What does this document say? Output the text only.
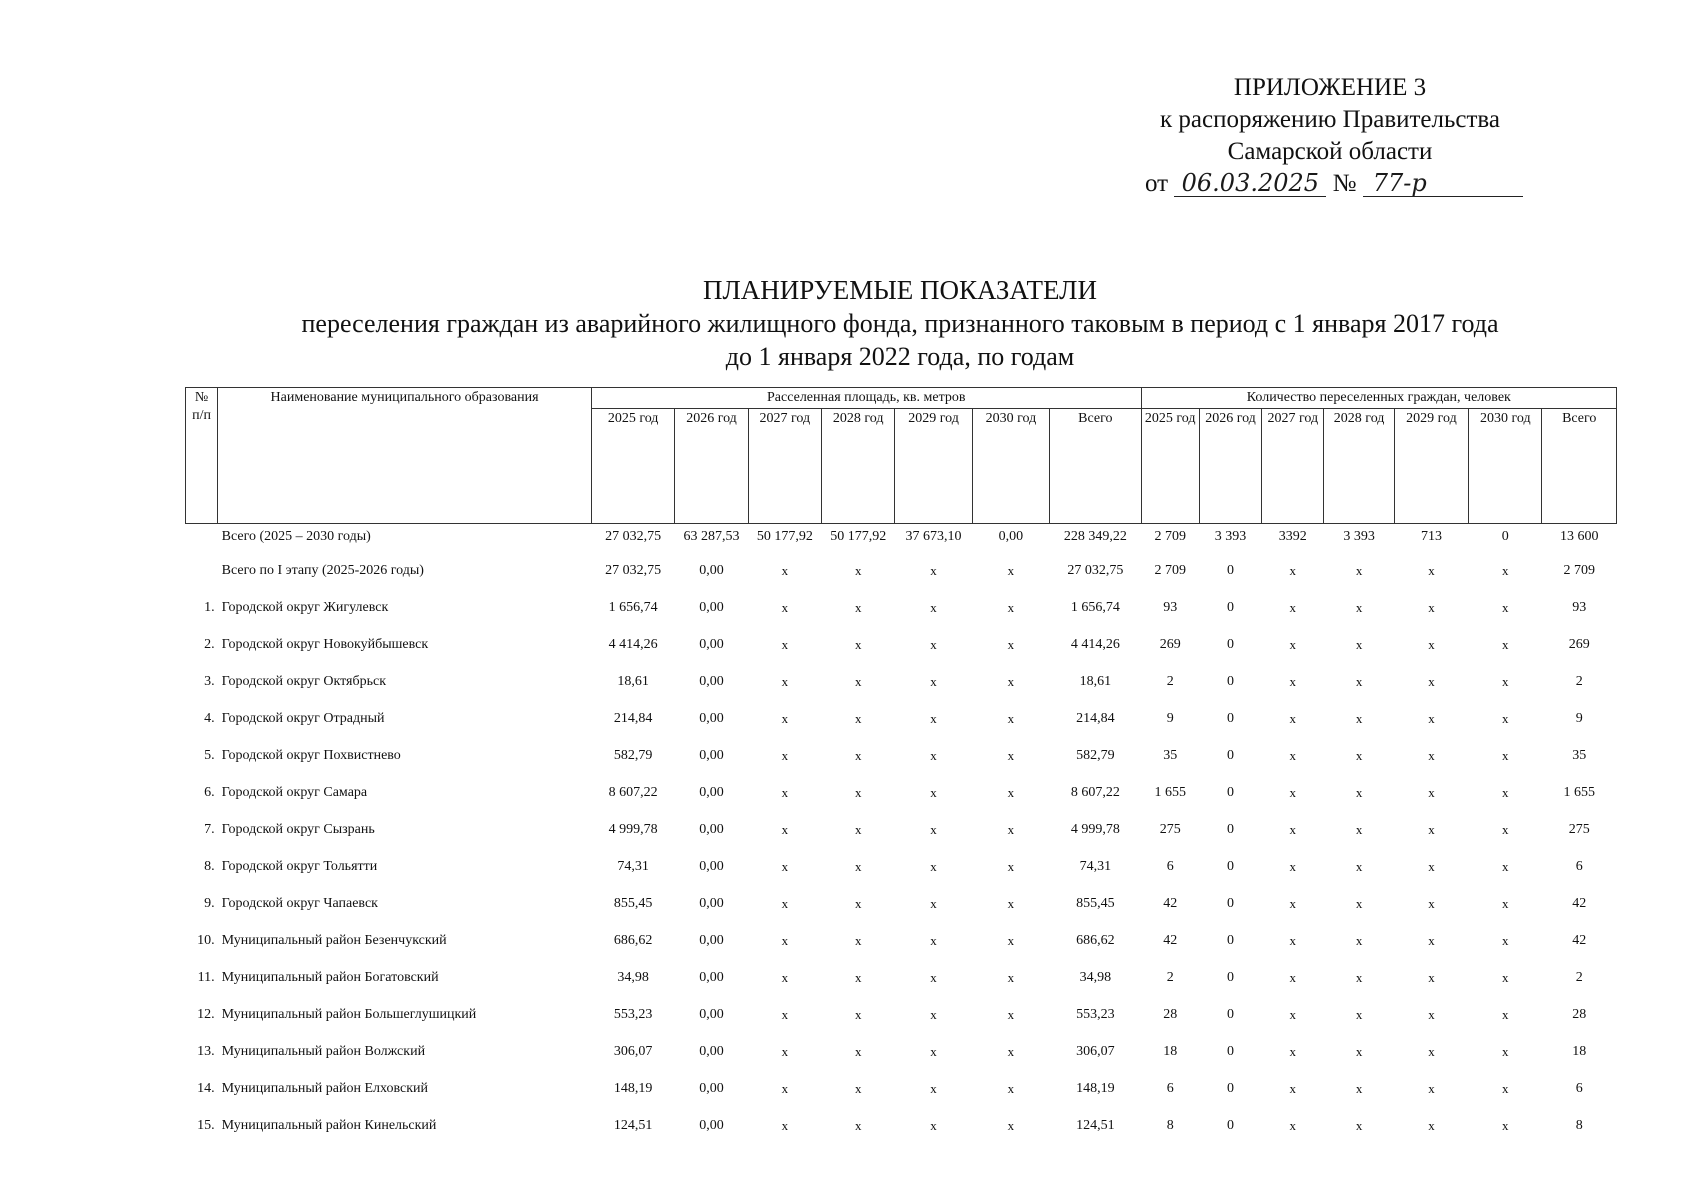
ПРИЛОЖЕНИЕ 3
к распоряжению Правительства
Самарской области
от 06.03.2025 № 77-р
ПЛАНИРУЕМЫЕ ПОКАЗАТЕЛИ
переселения граждан из аварийного жилищного фонда, признанного таковым в период с 1 января 2017 года
до 1 января 2022 года, по годам
№ п/п	Наименование муниципального образования	Расселенная площадь, кв. метров							Количество переселенных граждан, человек						
		2025 год	2026 год	2027 год	2028 год	2029 год	2030 год	Всего	2025 год	2026 год	2027 год	2028 год	2029 год	2030 год	Всего
	Всего (2025 – 2030 годы)	27 032,75	63 287,53	50 177,92	50 177,92	37 673,10	0,00	228 349,22	2 709	3 393	3392	3 393	713	0	13 600
	Всего по I этапу (2025-2026 годы)	27 032,75	0,00	х	х	х	х	27 032,75	2 709	0	х	х	х	х	2 709
1.	Городской округ Жигулевск	1 656,74	0,00	х	х	х	х	1 656,74	93	0	х	х	х	х	93
2.	Городской округ Новокуйбышевск	4 414,26	0,00	х	х	х	х	4 414,26	269	0	х	х	х	х	269
3.	Городской округ Октябрьск	18,61	0,00	х	х	х	х	18,61	2	0	х	х	х	х	2
4.	Городской округ Отрадный	214,84	0,00	х	х	х	х	214,84	9	0	х	х	х	х	9
5.	Городской округ Похвистнево	582,79	0,00	х	х	х	х	582,79	35	0	х	х	х	х	35
6.	Городской округ Самара	8 607,22	0,00	х	х	х	х	8 607,22	1 655	0	х	х	х	х	1 655
7.	Городской округ Сызрань	4 999,78	0,00	х	х	х	х	4 999,78	275	0	х	х	х	х	275
8.	Городской округ Тольятти	74,31	0,00	х	х	х	х	74,31	6	0	х	х	х	х	6
9.	Городской округ Чапаевск	855,45	0,00	х	х	х	х	855,45	42	0	х	х	х	х	42
10.	Муниципальный район Безенчукский	686,62	0,00	х	х	х	х	686,62	42	0	х	х	х	х	42
11.	Муниципальный район Богатовский	34,98	0,00	х	х	х	х	34,98	2	0	х	х	х	х	2
12.	Муниципальный район Большеглушицкий	553,23	0,00	х	х	х	х	553,23	28	0	х	х	х	х	28
13.	Муниципальный район Волжский	306,07	0,00	х	х	х	х	306,07	18	0	х	х	х	х	18
14.	Муниципальный район Елховский	148,19	0,00	х	х	х	х	148,19	6	0	х	х	х	х	6
15.	Муниципальный район Кинельский	124,51	0,00	х	х	х	х	124,51	8	0	х	х	х	х	8
